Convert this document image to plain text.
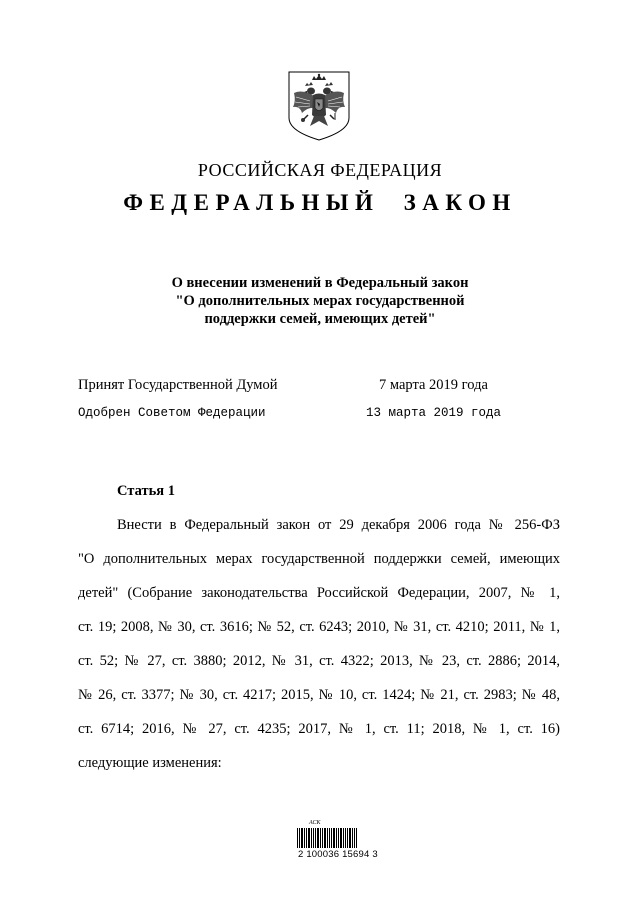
РОССИЙСКАЯ ФЕДЕРАЦИЯ
ФЕДЕРАЛЬНЫЙ ЗАКОН
О внесении изменений в Федеральный закон
"О дополнительных мерах государственной
поддержки семей, имеющих детей"
Принят Государственной Думой	7 марта 2019 года
Одобрен Советом Федерации	13 марта 2019 года
Статья 1
Внести в Федеральный закон от 29 декабря 2006 года № 256-ФЗ
"О дополнительных мерах государственной поддержки семей, имеющих
детей" (Собрание законодательства Российской Федерации, 2007, № 1,
ст. 19; 2008, № 30, ст. 3616; № 52, ст. 6243; 2010, № 31, ст. 4210; 2011, № 1,
ст. 52; № 27, ст. 3880; 2012, № 31, ст. 4322; 2013, № 23, ст. 2886; 2014,
№ 26, ст. 3377; № 30, ст. 4217; 2015, № 10, ст. 1424; № 21, ст. 2983; № 48,
ст. 6714; 2016, № 27, ст. 4235; 2017, № 1, ст. 11; 2018, № 1, ст. 16)
следующие изменения:
АСК
2 100036 15694 3
